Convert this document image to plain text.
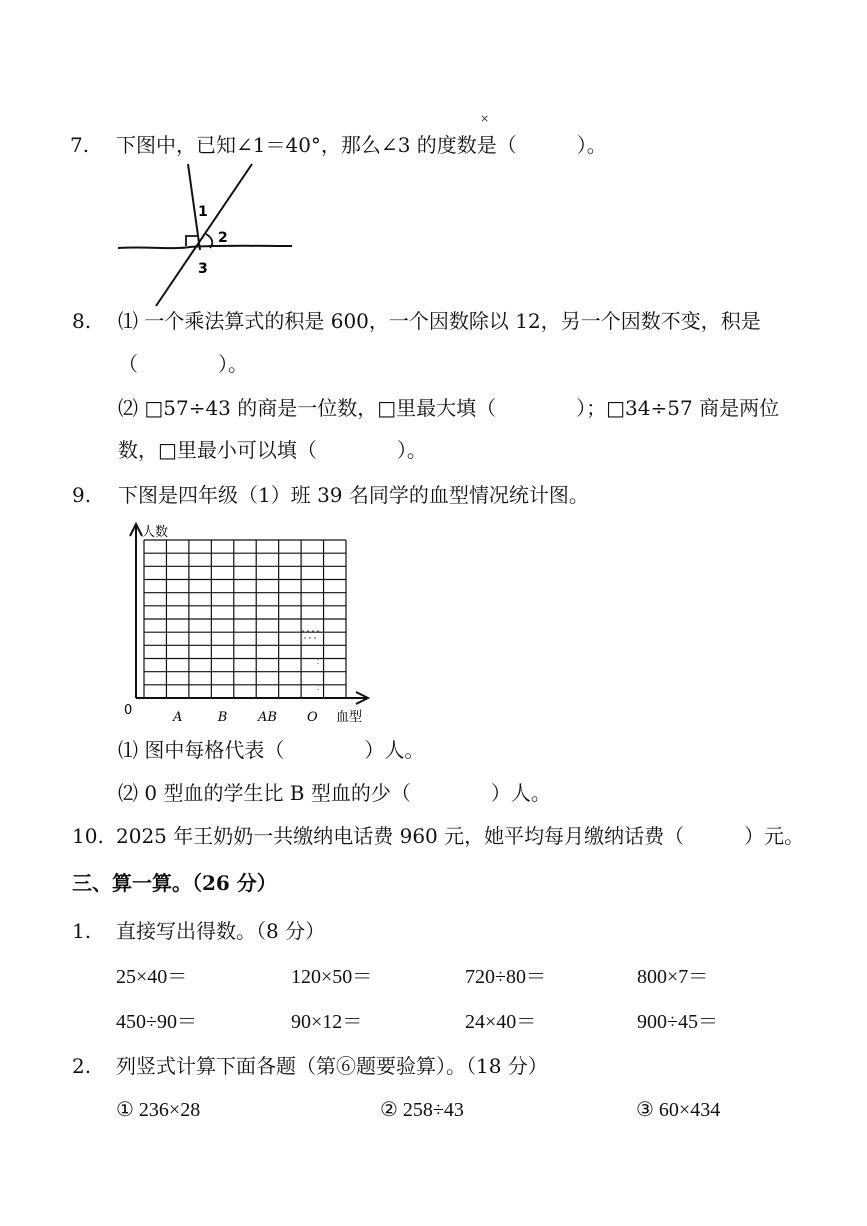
×
7. 下图中，已知∠1＝40°，那么∠3 的度数是（　　　）。
1
2
3
8. ⑴ 一个乘法算式的积是 600，一个因数除以 12，另一个因数不变，积是
（　　　　）。
⑵ □57÷43 的商是一位数，□里最大填（　　　　）；□34÷57 商是两位
数，□里最小可以填（　　　　）。
9. 下图是四年级（1）班 39 名同学的血型情况统计图。
人数
0	血型
A	B AB O
⑴ 图中每格代表（　　　　）人。
⑵ 0 型血的学生比 B 型血的少（　　　　）人。
10. 2025 年王奶奶一共缴纳电话费 960 元，她平均每月缴纳话费（　　　）元。
三、算一算。（26 分）
1. 直接写出得数。（8 分）
25×40＝	120×50＝	720÷80＝	800×7＝
450÷90＝	90×12＝	24×40＝	900÷45＝
2. 列竖式计算下面各题（第⑥题要验算）。（18 分）
① 236×28	② 258÷43	③ 60×434
